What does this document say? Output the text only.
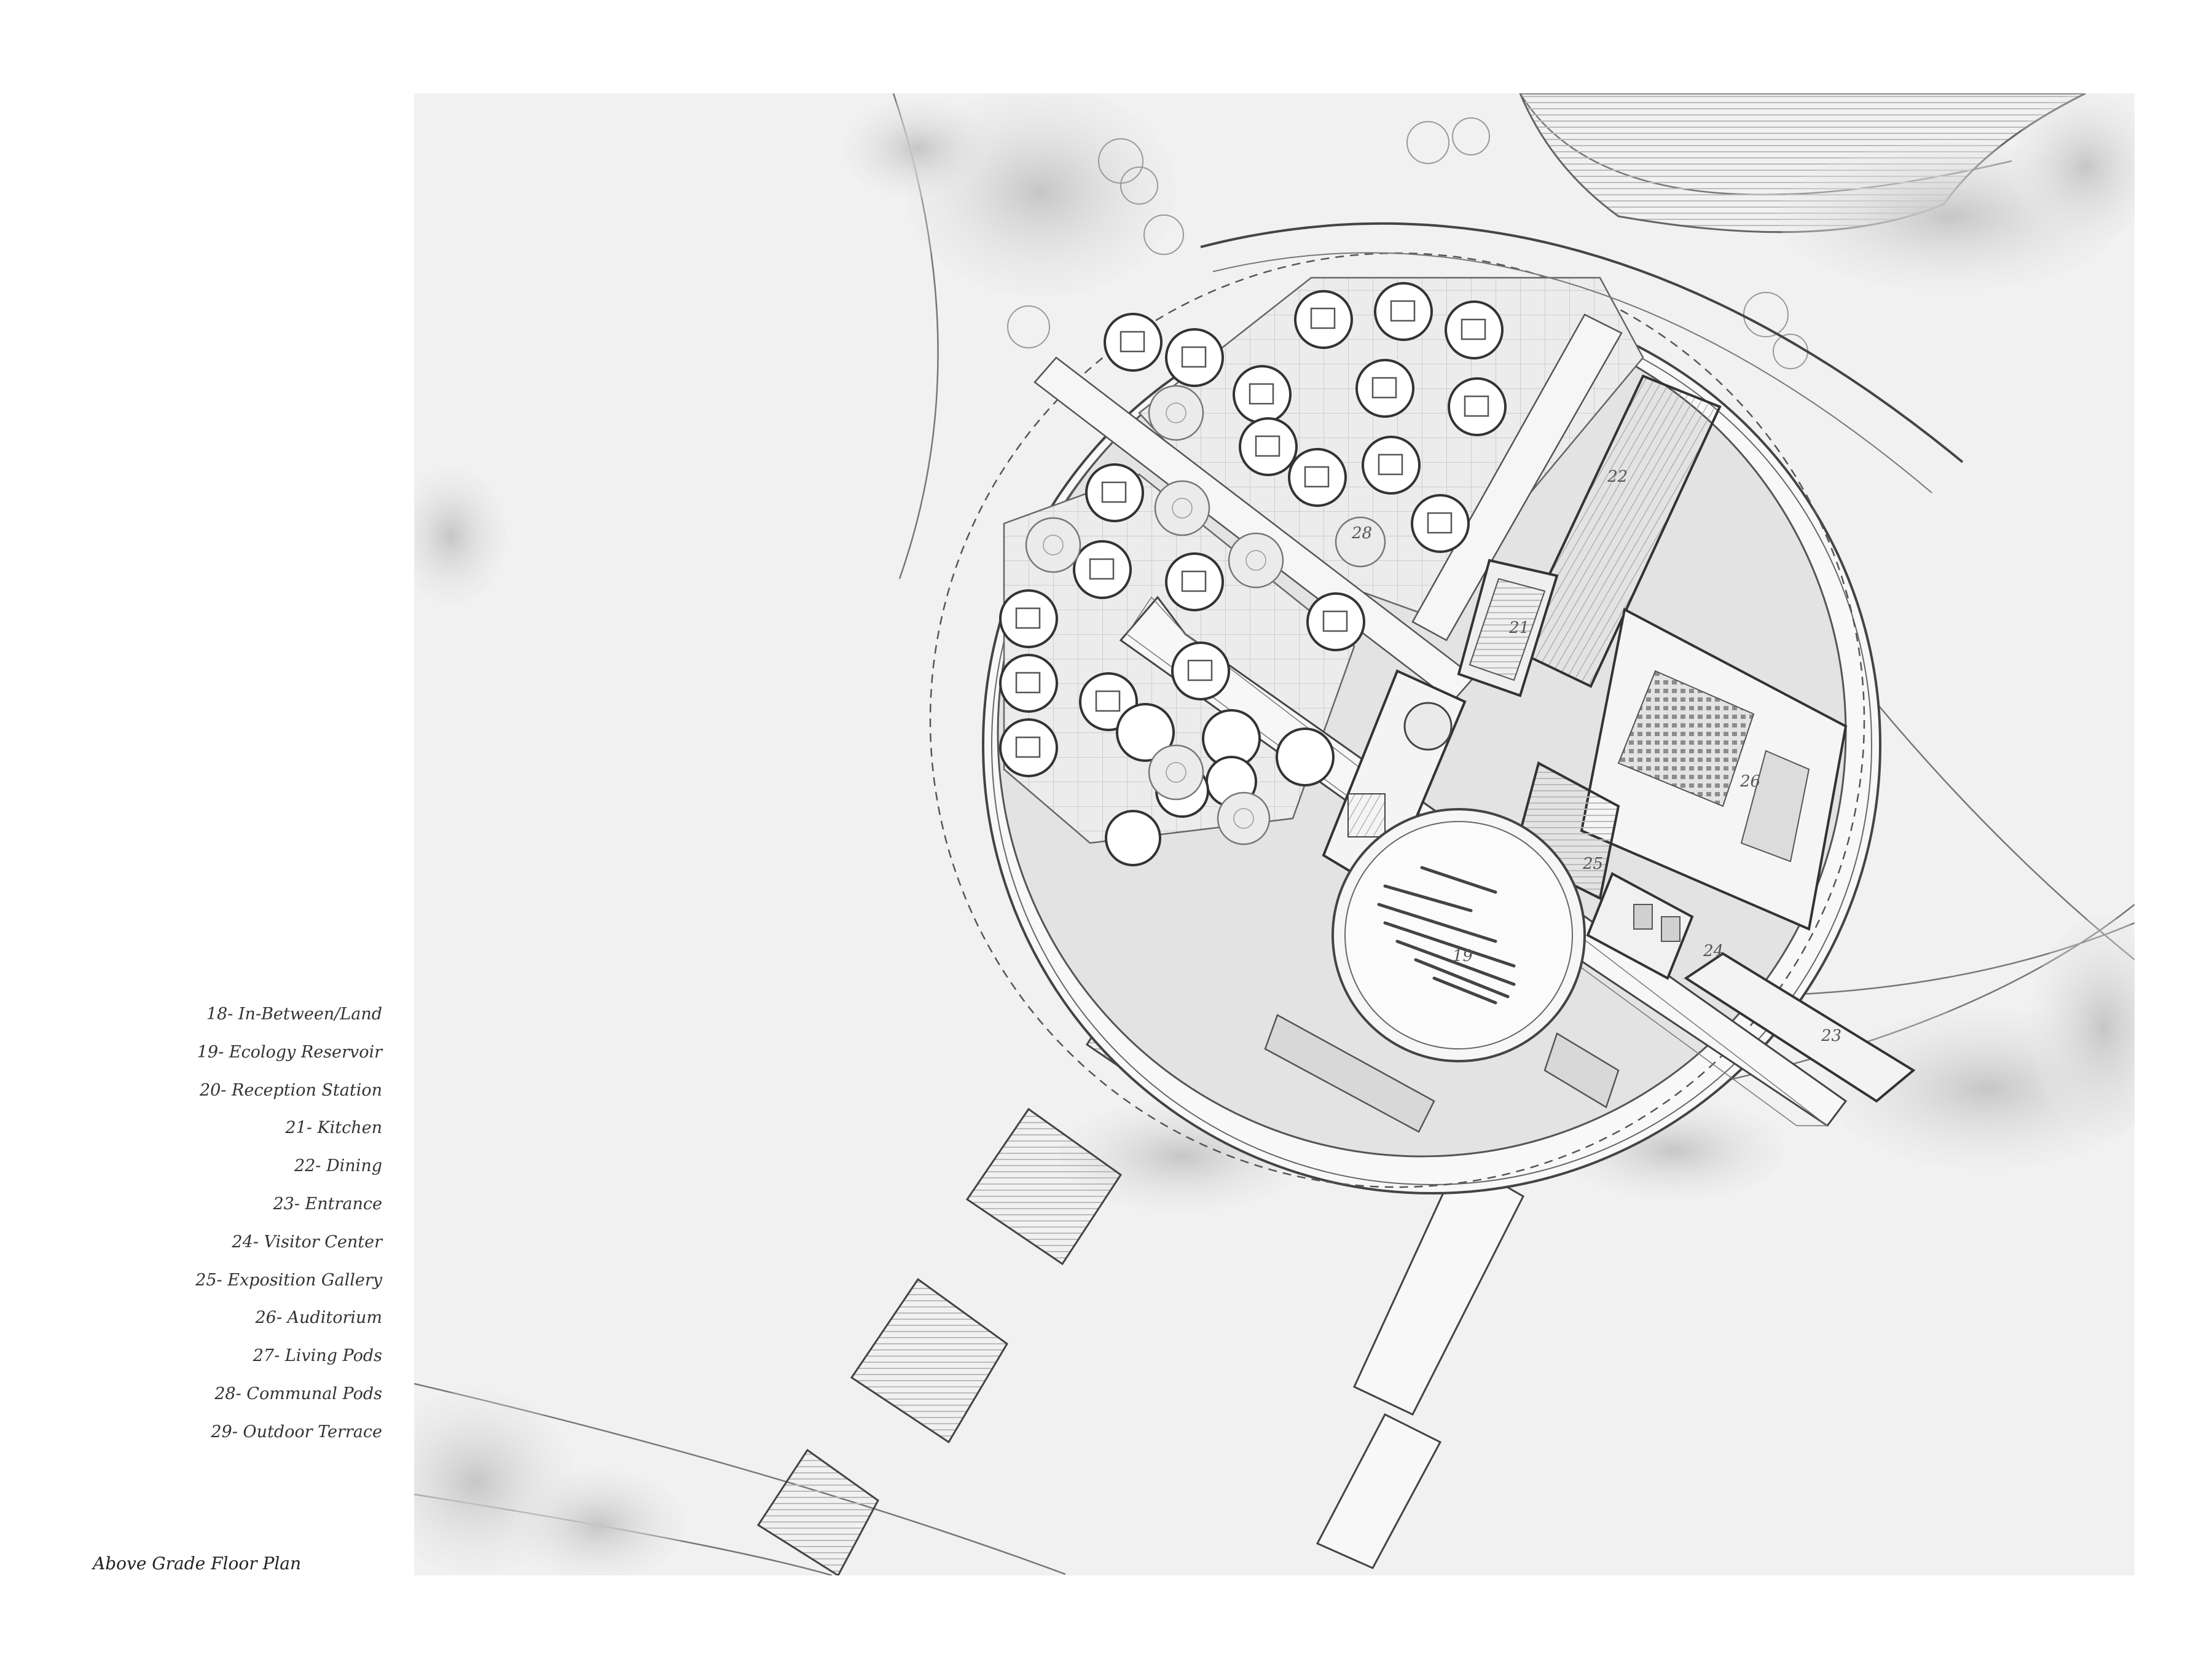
18- In-Between/Land
19- Ecology Reservoir
20- Reception Station
21- Kitchen
22- Dining
23- Entrance
24- Visitor Center
25- Exposition Gallery
26- Auditorium
27- Living Pods
28- Communal Pods
29- Outdoor Terrace
Above Grade Floor Plan
19
21
22
23
24
25
26
28
